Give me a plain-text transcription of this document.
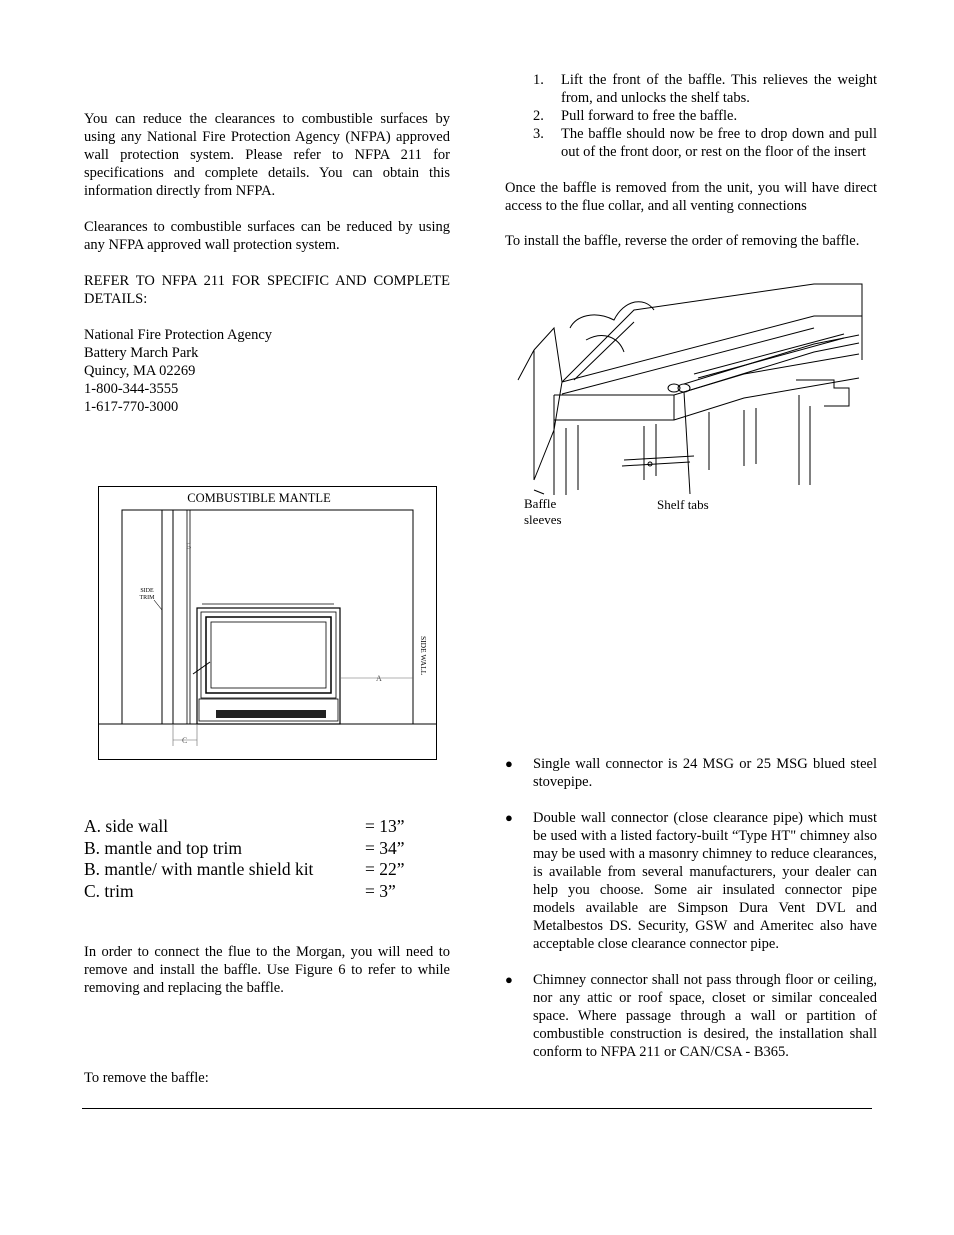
You can reduce the clearances to combustible surfaces by using any National Fire Protection Agency (NFPA) approved wall protection system. Please refer to NFPA 211 for specifications and complete details. You can obtain this information directly from NFPA.

Clearances to combustible surfaces can be reduced by using any NFPA approved wall protection system.

REFER TO NFPA 211 FOR SPECIFIC AND COMPLETE DETAILS:

National Fire Protection Agency
Battery March Park
Quincy, MA 02269
1-800-344-3555
1-617-770-3000
COMBUSTIBLE MANTLE
SIDE
TRIM
B
SIDE WALL
A
C
A. side wall	= 13”
B. mantle and top trim	= 34”
B. mantle/ with mantle shield kit	= 22”
C. trim	= 3”

In order to connect the flue to the Morgan, you will need to remove and install the baffle. Use Figure 6 to refer to while removing and replacing the baffle.

To remove the baffle:

1. Lift the front of the baffle. This relieves the weight from, and unlocks the shelf tabs.
2. Pull forward to free the baffle.
3. The baffle should now be free to drop down and pull out of the front door, or rest on the floor of the insert

Once the baffle is removed from the unit, you will have direct access to the flue collar, and all venting connections

To install the baffle, reverse the order of removing the baffle.

Baffle
sleeves
Shelf tabs
● Single wall connector is 24 MSG or 25 MSG blued steel stovepipe.
● Double wall connector (close clearance pipe) which must be used with a listed factory-built “Type HT" chimney also may be used with a masonry chimney to reduce clearances, is available from several manufacturers, your dealer can help you choose. Some air insulated connector pipe models available are Simpson Dura Vent DVL and Metalbestos DS. Security, GSW and Ameritec also have acceptable close clearance connector pipe.
● Chimney connector shall not pass through floor or ceiling, nor any attic or roof space, closet or similar concealed space. Where passage through a wall or partition of combustible construction is desired, the installation shall conform to NFPA 211 or CAN/CSA - B365.
